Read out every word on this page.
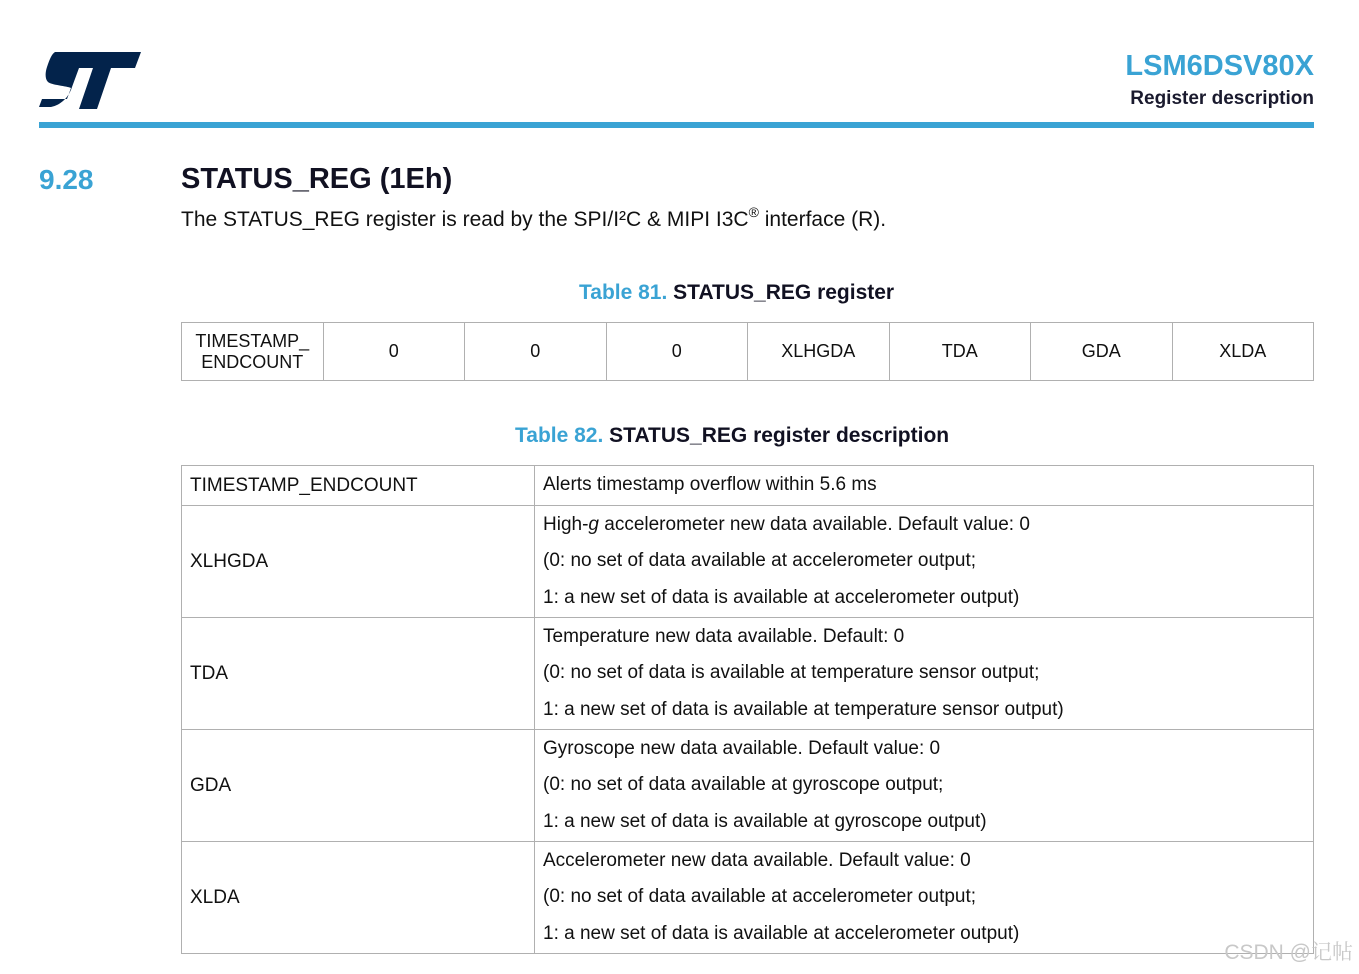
LSM6DSV80X
Register description
9.28	STATUS_REG (1Eh)
The STATUS_REG register is read by the SPI/I²C & MIPI I3C® interface (R).
Table 81. STATUS_REG register
TIMESTAMP_
ENDCOUNT	0	0	0	XLHGDA	TDA	GDA	XLDA
Table 82. STATUS_REG register description
TIMESTAMP_ENDCOUNT	Alerts timestamp overflow within 5.6 ms

XLHGDA	High-g accelerometer new data available. Default value: 0
(0: no set of data available at accelerometer output;
1: a new set of data is available at accelerometer output)

TDA	Temperature new data available. Default: 0
(0: no set of data is available at temperature sensor output;
1: a new set of data is available at temperature sensor output)

GDA	Gyroscope new data available. Default value: 0
(0: no set of data available at gyroscope output;
1: a new set of data is available at gyroscope output)

XLDA	Accelerometer new data available. Default value: 0
(0: no set of data available at accelerometer output;
1: a new set of data is available at accelerometer output)
CSDN @记帖
